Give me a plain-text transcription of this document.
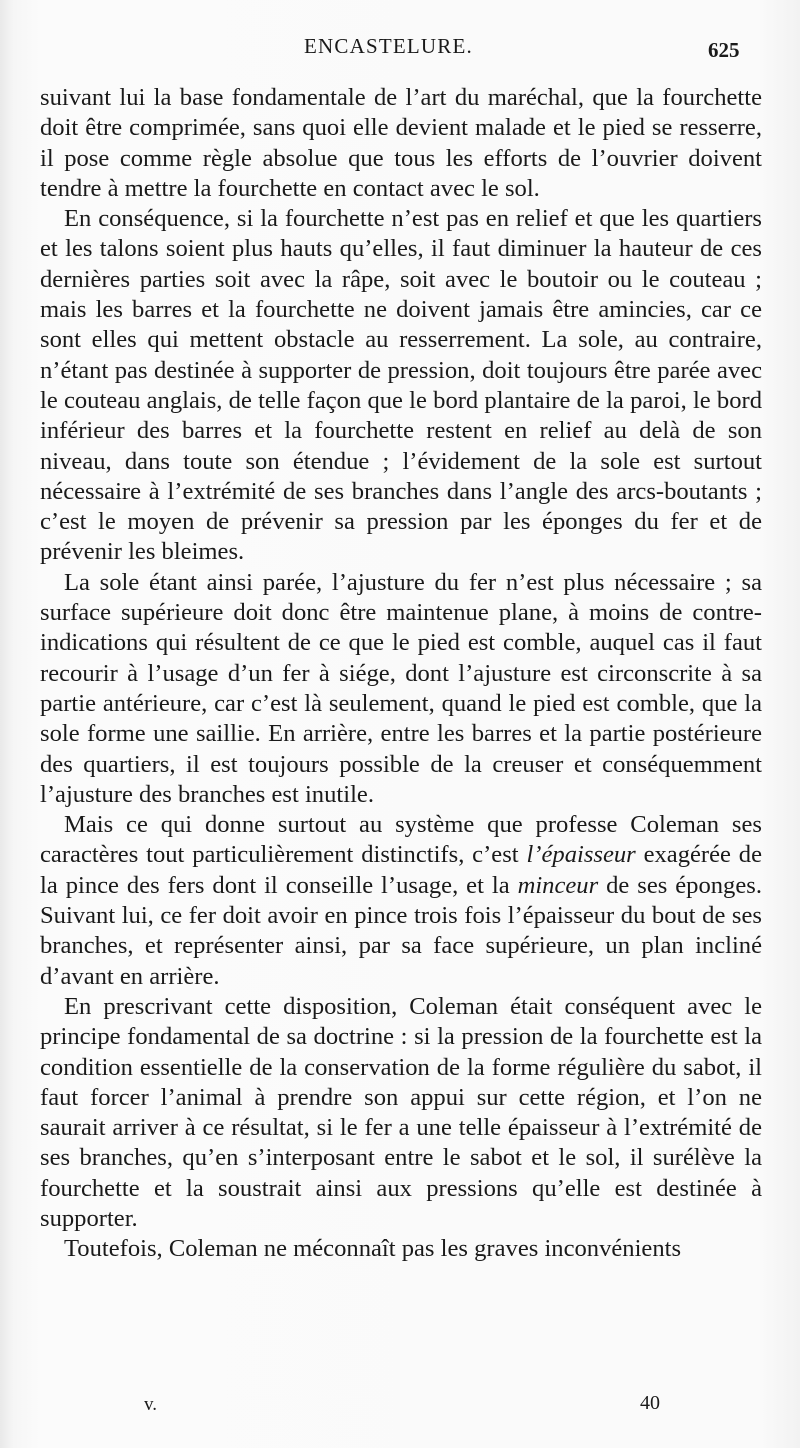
ENCASTELURE.	625

suivant lui la base fondamentale de l’art du maréchal, que la fourchette doit être comprimée, sans quoi elle devient malade et le pied se resserre, il pose comme règle absolue que tous les efforts de l’ouvrier doivent tendre à mettre la fourchette en contact avec le sol.

En conséquence, si la fourchette n’est pas en relief et que les quartiers et les talons soient plus hauts qu’elles, il faut diminuer la hauteur de ces dernières parties soit avec la râpe, soit avec le boutoir ou le couteau ; mais les barres et la fourchette ne doivent jamais être amincies, car ce sont elles qui mettent obstacle au resserrement. La sole, au contraire, n’étant pas destinée à supporter de pression, doit toujours être parée avec le couteau anglais, de telle façon que le bord plantaire de la paroi, le bord inférieur des barres et la fourchette restent en relief au delà de son niveau, dans toute son étendue ; l’évidement de la sole est surtout nécessaire à l’extrémité de ses branches dans l’angle des arcs-boutants ; c’est le moyen de prévenir sa pression par les éponges du fer et de prévenir les bleimes.

La sole étant ainsi parée, l’ajusture du fer n’est plus nécessaire ; sa surface supérieure doit donc être maintenue plane, à moins de contre-indications qui résultent de ce que le pied est comble, auquel cas il faut recourir à l’usage d’un fer à siége, dont l’ajusture est circonscrite à sa partie antérieure, car c’est là seulement, quand le pied est comble, que la sole forme une saillie. En arrière, entre les barres et la partie postérieure des quartiers, il est toujours possible de la creuser et conséquemment l’ajusture des branches est inutile.

Mais ce qui donne surtout au système que professe Coleman ses caractères tout particulièrement distinctifs, c’est l’épaisseur exagérée de la pince des fers dont il conseille l’usage, et la minceur de ses éponges. Suivant lui, ce fer doit avoir en pince trois fois l’épaisseur du bout de ses branches, et représenter ainsi, par sa face supérieure, un plan incliné d’avant en arrière.

En prescrivant cette disposition, Coleman était conséquent avec le principe fondamental de sa doctrine : si la pression de la fourchette est la condition essentielle de la conservation de la forme régulière du sabot, il faut forcer l’animal à prendre son appui sur cette région, et l’on ne saurait arriver à ce résultat, si le fer a une telle épaisseur à l’extrémité de ses branches, qu’en s’interposant entre le sabot et le sol, il surélève la fourchette et la soustrait ainsi aux pressions qu’elle est destinée à supporter.

Toutefois, Coleman ne méconnaît pas les graves inconvénients

v.	40
